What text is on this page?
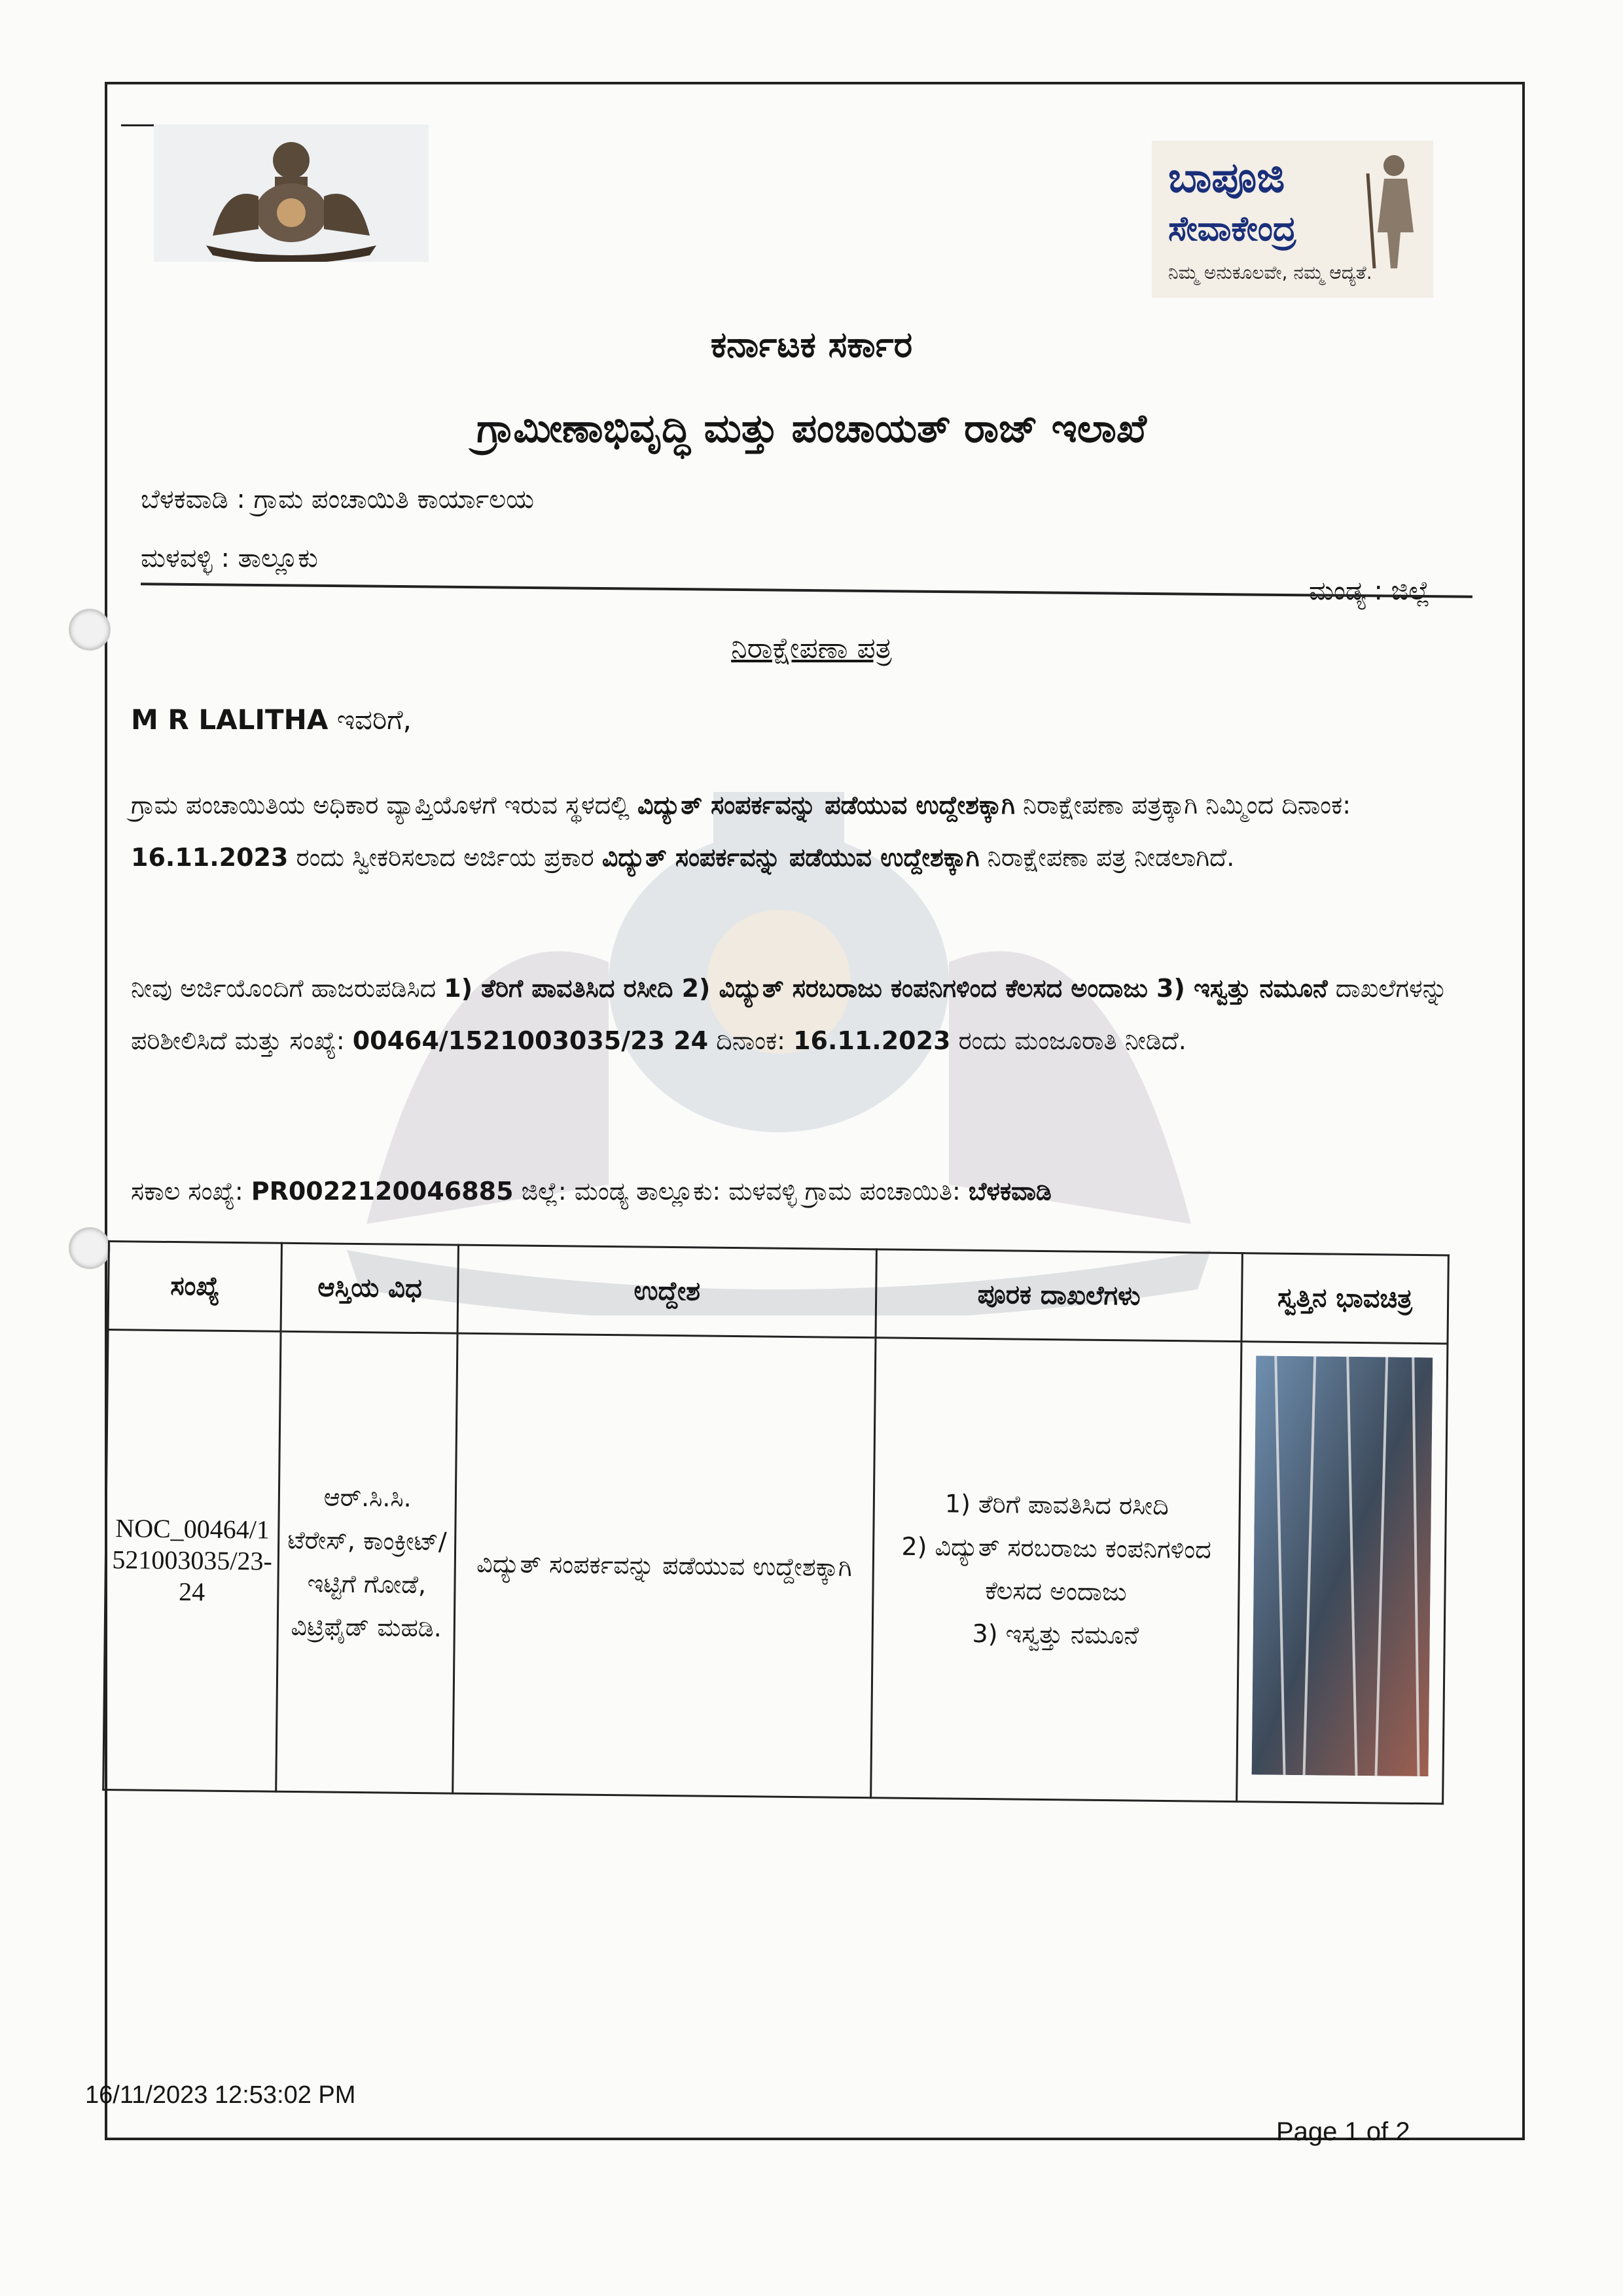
ಬಾಪೂಜಿ
ಸೇವಾಕೇಂದ್ರ
ನಿಮ್ಮ ಅನುಕೂಲವೇ, ನಮ್ಮ ಆದ್ಯತೆ.
ಕರ್ನಾಟಕ ಸರ್ಕಾರ
ಗ್ರಾಮೀಣಾಭಿವೃದ್ಧಿ ಮತ್ತು ಪಂಚಾಯತ್ ರಾಜ್ ಇಲಾಖೆ
ಬೆಳಕವಾಡಿ : ಗ್ರಾಮ ಪಂಚಾಯಿತಿ ಕಾರ್ಯಾಲಯ
ಮಳವಳ್ಳಿ : ತಾಲ್ಲೂಕು
ಮಂಡ್ಯ : ಜಿಲ್ಲೆ
ನಿರಾಕ್ಷೇಪಣಾ ಪತ್ರ
M R LALITHA ಇವರಿಗೆ,
ಗ್ರಾಮ ಪಂಚಾಯಿತಿಯ ಅಧಿಕಾರ ವ್ಯಾಪ್ತಿಯೊಳಗೆ ಇರುವ ಸ್ಥಳದಲ್ಲಿ ವಿದ್ಯುತ್ ಸಂಪರ್ಕವನ್ನು ಪಡೆಯುವ ಉದ್ದೇಶಕ್ಕಾಗಿ ನಿರಾಕ್ಷೇಪಣಾ ಪತ್ರಕ್ಕಾಗಿ ನಿಮ್ಮಿಂದ ದಿನಾಂಕ: 16.11.2023 ರಂದು ಸ್ವೀಕರಿಸಲಾದ ಅರ್ಜಿಯ ಪ್ರಕಾರ ವಿದ್ಯುತ್ ಸಂಪರ್ಕವನ್ನು ಪಡೆಯುವ ಉದ್ದೇಶಕ್ಕಾಗಿ ನಿರಾಕ್ಷೇಪಣಾ ಪತ್ರ ನೀಡಲಾಗಿದೆ.
ನೀವು ಅರ್ಜಿಯೊಂದಿಗೆ ಹಾಜರುಪಡಿಸಿದ 1) ತೆರಿಗೆ ಪಾವತಿಸಿದ ರಸೀದಿ 2) ವಿದ್ಯುತ್ ಸರಬರಾಜು ಕಂಪನಿಗಳಿಂದ ಕೆಲಸದ ಅಂದಾಜು 3) ಇಸ್ವತ್ತು ನಮೂನೆ ದಾಖಲೆಗಳನ್ನು ಪರಿಶೀಲಿಸಿದೆ ಮತ್ತು ಸಂಖ್ಯೆ: 00464/1521003035/23 24 ದಿನಾಂಕ: 16.11.2023 ರಂದು ಮಂಜೂರಾತಿ ನೀಡಿದೆ.
ಸಕಾಲ ಸಂಖ್ಯೆ: PR0022120046885 ಜಿಲ್ಲೆ: ಮಂಡ್ಯ ತಾಲ್ಲೂಕು: ಮಳವಳ್ಳಿ ಗ್ರಾಮ ಪಂಚಾಯಿತಿ: ಬೆಳಕವಾಡಿ
ಸಂಖ್ಯೆ	ಆಸ್ತಿಯ ವಿಧ	ಉದ್ದೇಶ	ಪೂರಕ ದಾಖಲೆಗಳು	ಸ್ವತ್ತಿನ ಭಾವಚಿತ್ರ
NOC_00464/1521003035/23-24	ಆರ್.ಸಿ.ಸಿ. ಟೆರೇಸ್, ಕಾಂಕ್ರೀಟ್/ಇಟ್ಟಿಗೆ ಗೋಡೆ, ವಿಟ್ರಿಫೈಡ್ ಮಹಡಿ.	ವಿದ್ಯುತ್ ಸಂಪರ್ಕವನ್ನು ಪಡೆಯುವ ಉದ್ದೇಶಕ್ಕಾಗಿ	1) ತೆರಿಗೆ ಪಾವತಿಸಿದ ರಸೀದಿ
2) ವಿದ್ಯುತ್ ಸರಬರಾಜು ಕಂಪನಿಗಳಿಂದ ಕೆಲಸದ ಅಂದಾಜು
3) ಇಸ್ವತ್ತು ನಮೂನೆ

16/11/2023 12:53:02 PM
Page 1 of 2
